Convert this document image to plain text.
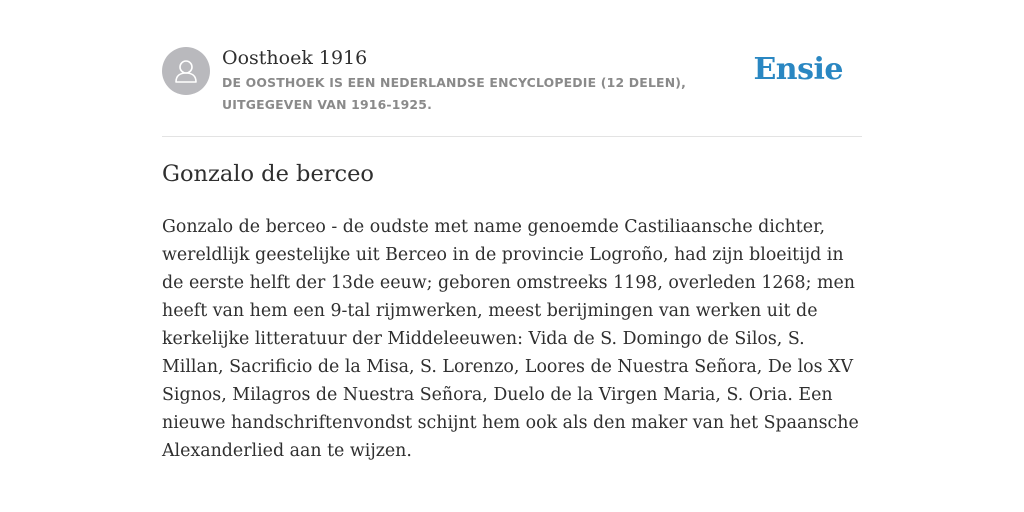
Oosthoek 1916
DE OOSTHOEK IS EEN NEDERLANDSE ENCYCLOPEDIE (12 DELEN), UITGEGEVEN VAN 1916-1925.
Ensie
Gonzalo de berceo

Gonzalo de berceo - de oudste met name genoemde Castiliaansche dichter, wereldlijk geestelijke uit Berceo in de provincie Logroño, had zijn bloeitijd in de eerste helft der 13de eeuw; geboren omstreeks 1198, overleden 1268; men heeft van hem een 9-tal rijmwerken, meest berijmingen van werken uit de kerkelijke litteratuur der Middeleeuwen: Vida de S. Domingo de Silos, S. Millan, Sacrificio de la Misa, S. Lorenzo, Loores de Nuestra Señora, De los XV Signos, Milagros de Nuestra Señora, Duelo de la Virgen Maria, S. Oria. Een nieuwe handschriftenvondst schijnt hem ook als den maker van het Spaansche Alexanderlied aan te wijzen.
